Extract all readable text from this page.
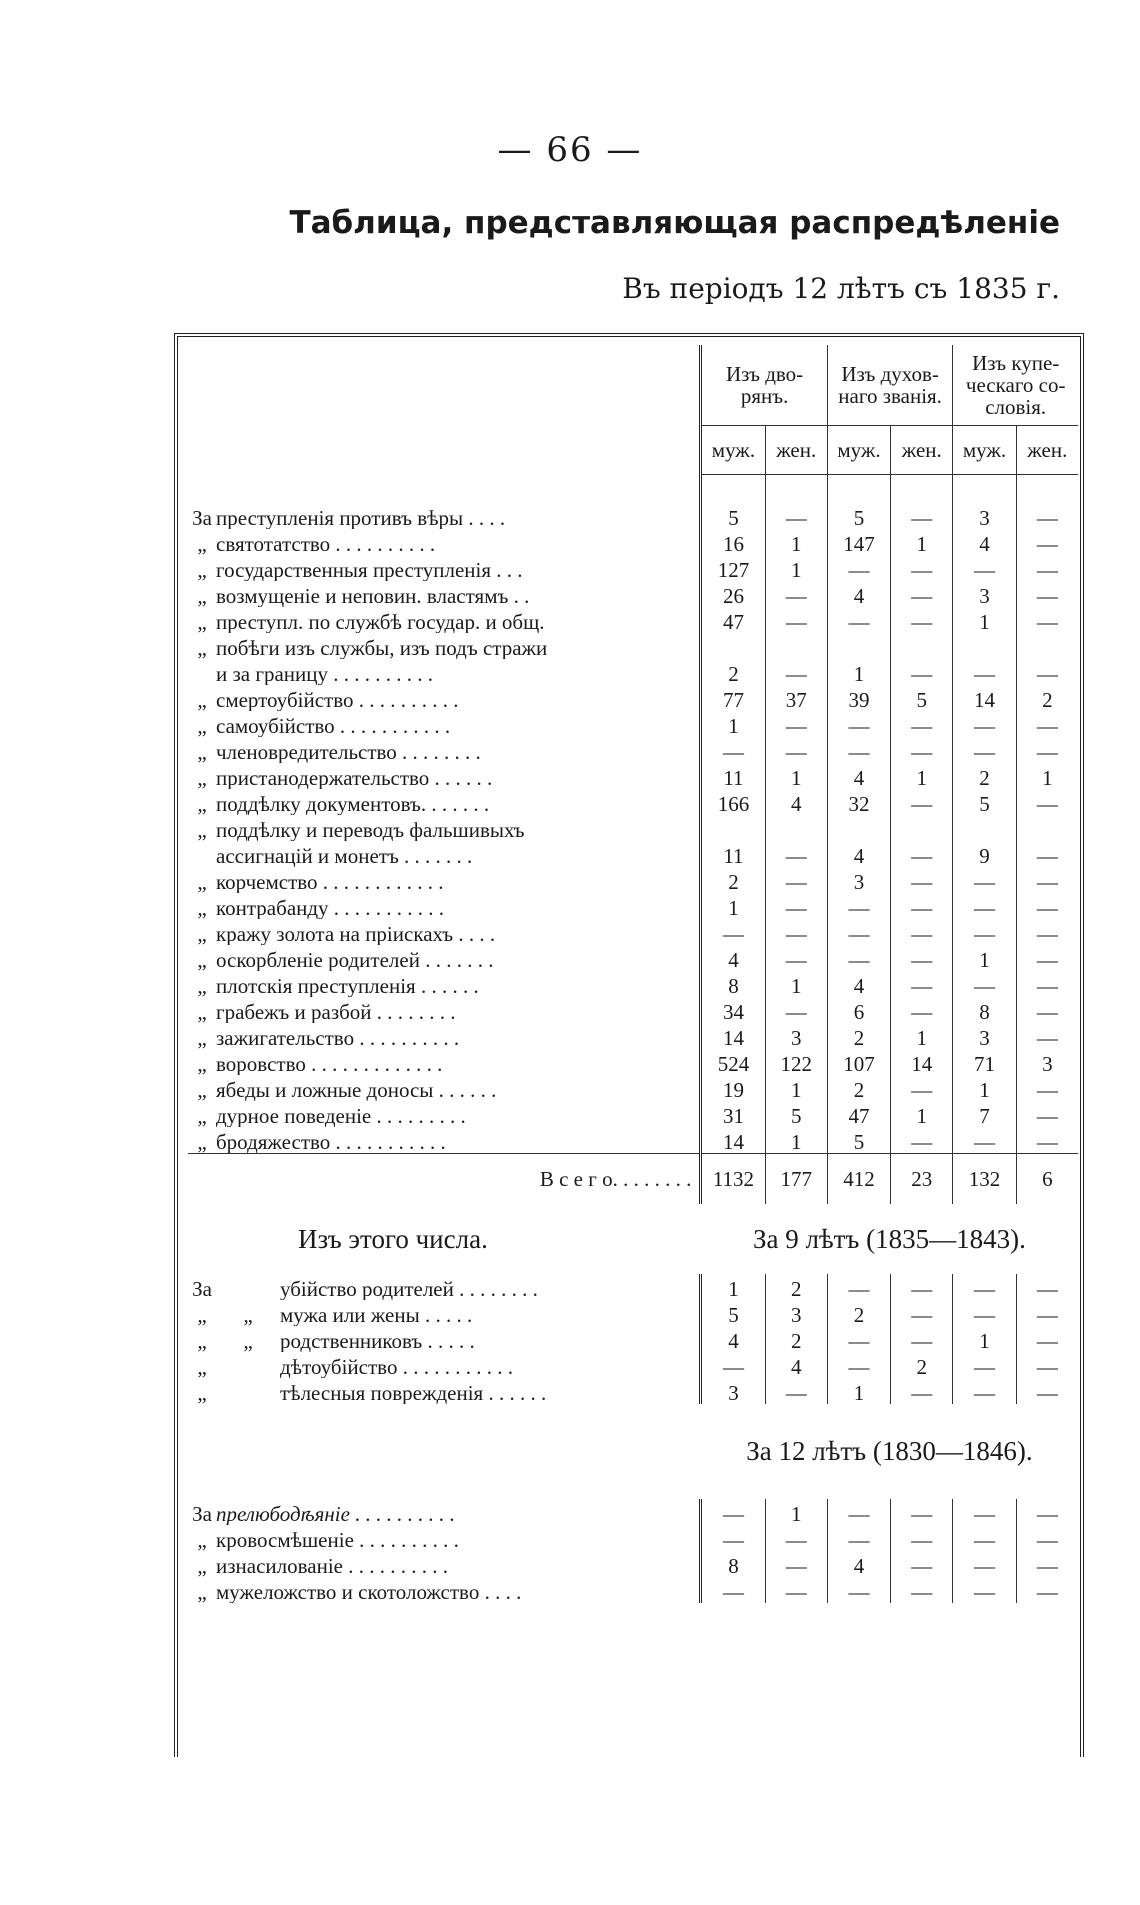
— 66 —
Таблица, представляющая распредѣленіе
Въ періодъ 12 лѣтъ съ 1835 г.
	Изъ дво- рянъ.		Изъ духов- наго званія.		Изъ купе- ческаго со- словія.	
	муж.	жен.	муж.	жен.	муж.	жен.

За преступленія противъ вѣры . . . .	5	—	5	—	3	—
„ святотатство . . . . . . . . . .	16	1	147	1	4	—
„ государственныя преступленія . . .	127	1	—	—	—	—
„ возмущеніе и неповин. властямъ . .	26	—	4	—	3	—
„ преступл. по службѣ государ. и общ.	47	—	—	—	1	—
„ побѣги изъ службы, изъ подъ стражи						
и за границу . . . . . . . . . .	2	—	1	—	—	—
„ смертоубійство . . . . . . . . . .	77	37	39	5	14	2
„ самоубійство . . . . . . . . . . .	1	—	—	—	—	—
„ членовредительство . . . . . . . .	—	—	—	—	—	—
„ пристанодержательство . . . . . .	11	1	4	1	2	1
„ поддѣлку документовъ. . . . . . .	166	4	32	—	5	—
„ поддѣлку и переводъ фальшивыхъ						
ассигнацій и монетъ . . . . . . .	11	—	4	—	9	—
„ корчемство . . . . . . . . . . . .	2	—	3	—	—	—
„ контрабанду . . . . . . . . . . .	1	—	—	—	—	—
„ кражу золота на пріискахъ . . . .	—	—	—	—	—	—
„ оскорбленіе родителей . . . . . . .	4	—	—	—	1	—
„ плотскія преступленія . . . . . .	8	1	4	—	—	—
„ грабежъ и разбой . . . . . . . .	34	—	6	—	8	—
„ зажигательство . . . . . . . . . .	14	3	2	1	3	—
„ воровство . . . . . . . . . . . . .	524	122	107	14	71	3
„ ябеды и ложные доносы . . . . . .	19	1	2	—	1	—
„ дурное поведеніе . . . . . . . . .	31	5	47	1	7	—
„ бродяжество . . . . . . . . . . .	14	1	5	—	—	—
В с е г о. . . . . . . .	1132	177	412	23	132	6
Изъ этого числа.	За 9 лѣтъ (1835—1843).					
За убійство родителей . . . . . . . .	1	2	—	—	—	—
„ „ мужа или жены . . . . .	5	3	2	—	—	—
„ „ родственниковъ . . . . .	4	2	—	—	1	—
„ дѣтоубійство . . . . . . . . . . .	—	4	—	2	—	—
„ тѣлесныя поврежденія . . . . . .	3	—	1	—	—	—
	За 12 лѣтъ (1830—1846).					
За прелюбодѣяніе . . . . . . . . . .	—	1	—	—	—	—
„ кровосмѣшеніе . . . . . . . . . .	—	—	—	—	—	—
„ изнасилованіе . . . . . . . . . .	8	—	4	—	—	—
„ мужеложство и скотоложство . . . .	—	—	—	—	—	—
